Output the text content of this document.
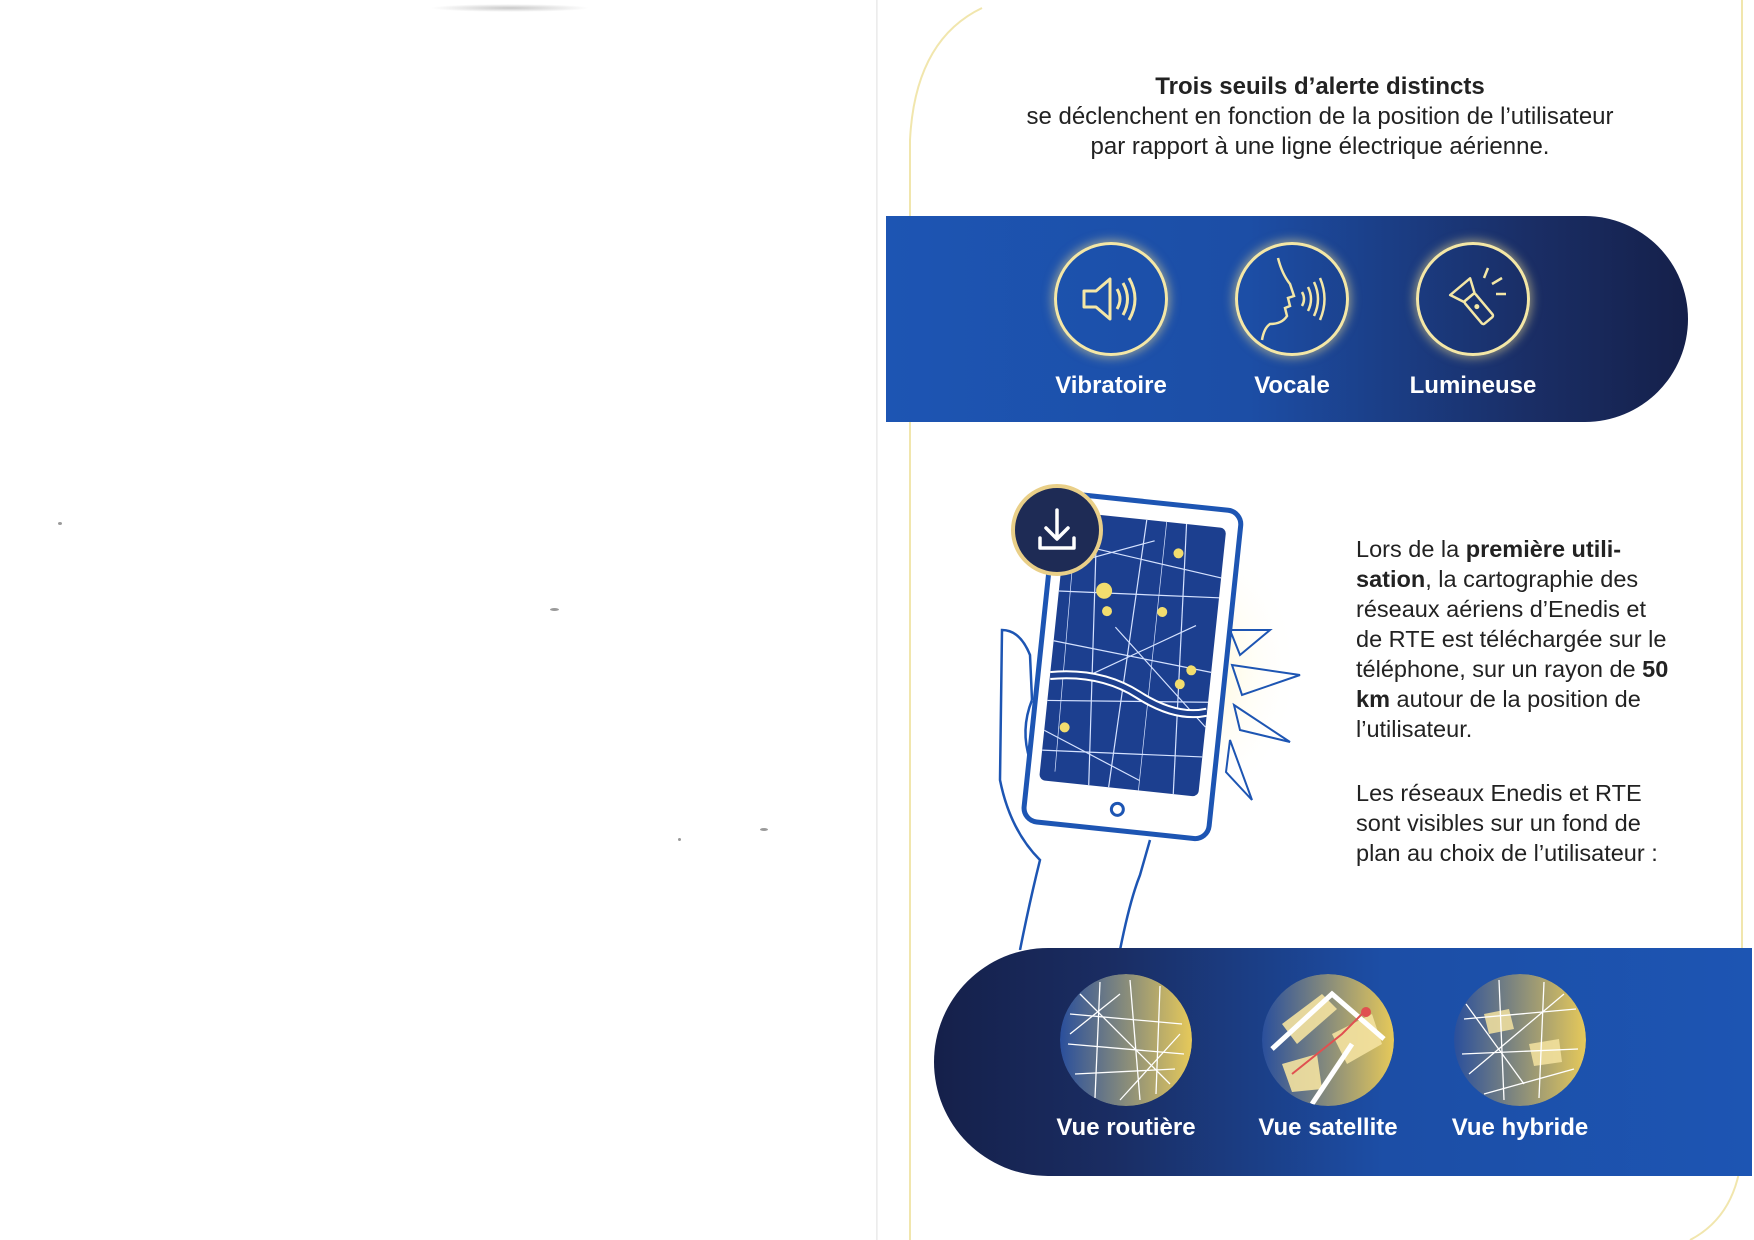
Trois seuils d’alerte distincts
se déclenchent en fonction de la position de l’utilisateur
par rapport à une ligne électrique aérienne.
Vibratoire	Vocale	Lumineuse

Lors de la première utili-
sation, la cartographie des réseaux aériens d’Enedis et de RTE est téléchargée sur le téléphone, sur un rayon de 50 km autour de la position de l’utilisateur.

Les réseaux Enedis et RTE sont visibles sur un fond de plan au choix de l’utilisateur :

Vue routière	Vue satellite	Vue hybride
